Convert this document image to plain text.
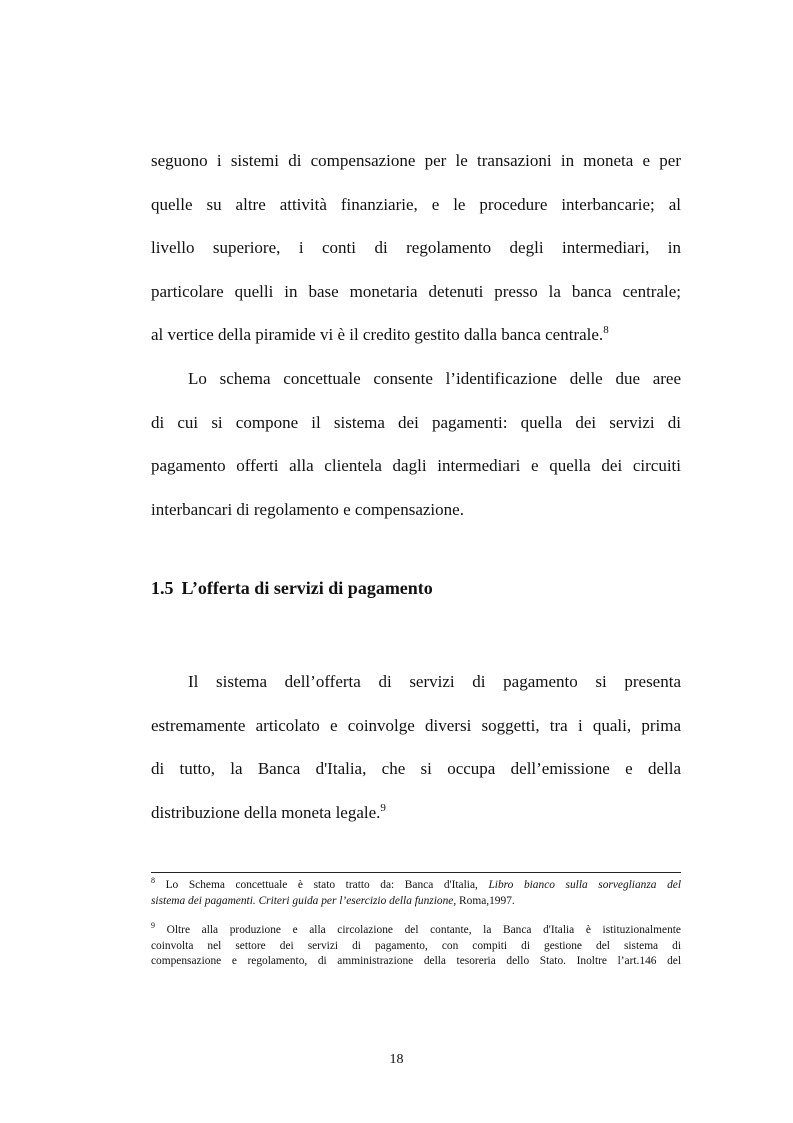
seguono i sistemi di compensazione per le transazioni in moneta e per
quelle su altre attività finanziarie, e le procedure interbancarie; al
livello superiore, i conti di regolamento degli intermediari, in
particolare quelli in base monetaria detenuti presso la banca centrale;
al vertice della piramide vi è il credito gestito dalla banca centrale.$^8$
Lo schema concettuale consente l’identificazione delle due aree
di cui si compone il sistema dei pagamenti: quella dei servizi di
pagamento offerti alla clientela dagli intermediari e quella dei circuiti
interbancari di regolamento e compensazione.
1.5 L’offerta di servizi di pagamento
Il sistema dell’offerta di servizi di pagamento si presenta
estremamente articolato e coinvolge diversi soggetti, tra i quali, prima
di tutto, la Banca d'Italia, che si occupa dell’emissione e della
distribuzione della moneta legale.$^9$
$^8$ Lo Schema concettuale è stato tratto da: Banca d'Italia, Libro bianco sulla sorveglianza del
sistema dei pagamenti. Criteri guida per l’esercizio della funzione, Roma,1997.
$^9$ Oltre alla produzione e alla circolazione del contante, la Banca d'Italia è istituzionalmente
coinvolta nel settore dei servizi di pagamento, con compiti di gestione del sistema di
compensazione e regolamento, di amministrazione della tesoreria dello Stato. Inoltre l’art.146 del
18
